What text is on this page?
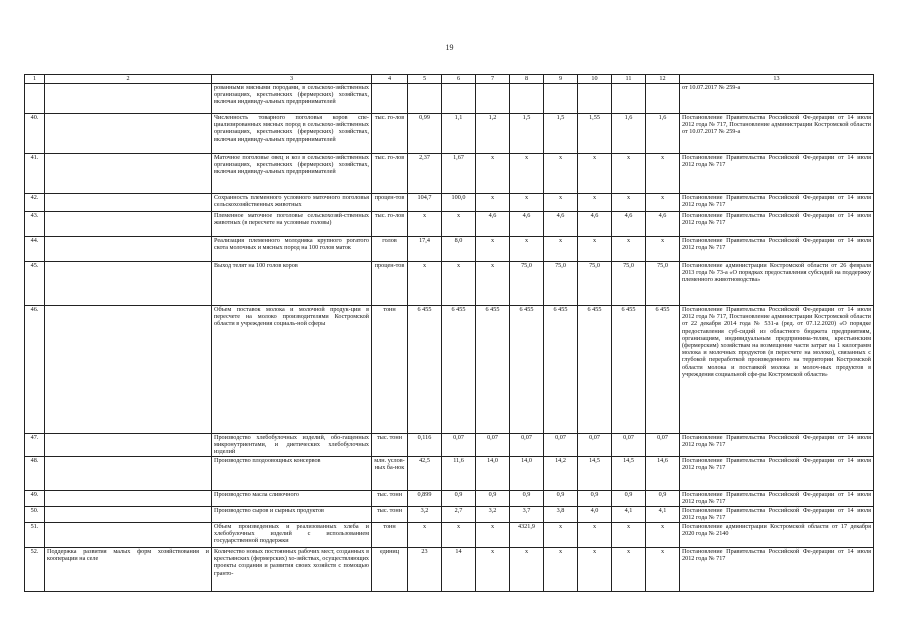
19
1	2	3	4	5	6	7	8	9	10	11	12	13
		рованными мясными породами, в сельскохо-зяйственных организациях, крестьянских (фермерских) хозяйствах, включая индивиду-альных предпринимателей										от 10.07.2017 № 259-а
40.		Численность товарного поголовья коров спе-циализированных мясных пород в сельскохо-зяйственных организациях, крестьянских (фермерских) хозяйствах, включая индивиду-альных предпринимателей	тыс. го-лов	0,99	1,1	1,2	1,5	1,5	1,55	1,6	1,6	Постановление Правительства Российской Фе-дерации от 14 июля 2012 года № 717, Постановление администрации Костромской области от 10.07.2017 № 259-а
41.		Маточное поголовье овец и коз в сельскохо-зяйственных организациях, крестьянских (фермерских) хозяйствах, включая индивиду-альных предпринимателей	тыс. го-лов	2,37	1,67	х	х	х	х	х	х	Постановление Правительства Российской Фе-дерации от 14 июля 2012 года № 717
42.		Сохранность племенного условного маточного поголовья сельскохозяйственных животных	процен-тов	104,7	100,0	х	х	х	х	х	х	Постановление Правительства Российской Фе-дерации от 14 июля 2012 года № 717
43.		Племенное маточное поголовье сельскохозяй-ственных животных (в пересчете на условные головы)	тыс. го-лов	х	х	4,6	4,6	4,6	4,6	4,6	4,6	Постановление Правительства Российской Фе-дерации от 14 июля 2012 года № 717
44.		Реализация племенного молодняка крупного рогатого скота молочных и мясных пород на 100 голов маток	голов	17,4	8,0	х	х	х	х	х	х	Постановление Правительства Российской Фе-дерации от 14 июля 2012 года № 717
45.		Выход телят на 100 голов коров	процен-тов	х	х	х	75,0	75,0	75,0	75,0	75,0	Постановление администрации Костромской области от 26 февраля 2013 года № 73-а «О порядках предоставления субсидий на поддержку племенного животноводства»
46.		Объем поставок молока и молочной продук-ции в пересчете на молоко производителями Костромской области в учреждения социаль-ной сферы	тонн	6 455	6 455	6 455	6 455	6 455	6 455	6 455	6 455	Постановление Правительства Российской Фе-дерации от 14 июля 2012 года № 717, Постановление администрации Костромской области от 22 декабря 2014 года № 531-а (ред. от 07.12.2020) «О порядке предоставления суб-сидий из областного бюджета предприятиям, организациям, индивидуальным предпринима-телям, крестьянским (фермерским) хозяйствам на возмещение части затрат на 1 килограмм молока и молочных продуктов (в пересчете на молоко), связанных с глубокой переработкой произведенного на территории Костромской области молока и поставкой молока и молоч-ных продуктов в учреждения социальной сфе-ры Костромской области»
47.		Производство хлебобулочных изделий, обо-гащенных микронутриентами, и диетических хлебобулочных изделий	тыс. тонн	0,116	0,07	0,07	0,07	0,07	0,07	0,07	0,07	Постановление Правительства Российской Фе-дерации от 14 июля 2012 года № 717
48.		Производство плодоовощных консервов	млн. услов-ных ба-нок	42,5	11,6	14,0	14,0	14,2	14,5	14,5	14,6	Постановление Правительства Российской Фе-дерации от 14 июля 2012 года № 717
49.		Производство масла сливочного	тыс. тонн	0,899	0,9	0,9	0,9	0,9	0,9	0,9	0,9	Постановление Правительства Российской Фе-дерации от 14 июля 2012 года № 717
50.		Производство сыров и сырных продуктов	тыс. тонн	3,2	2,7	3,2	3,7	3,8	4,0	4,1	4,1	Постановление Правительства Российской Фе-дерации от 14 июля 2012 года № 717
51.		Объем произведенных и реализованных хлеба и хлебобулочных изделий с использованием государственной поддержки	тонн	х	х	х	4321,9	х	х	х	х	Постановление администрации Костромской области от 17 декабря 2020 года № 2140
52.	Поддержка развития малых форм хозяйствования и кооперации на селе	Количество новых постоянных рабочих мест, созданных в крестьянских (фермерских) хо-зяйствах, осуществляющих проекты создания и развития своих хозяйств с помощью гранто-	единиц	23	14	х	х	х	х	х	х	Постановление Правительства Российской Фе-дерации от 14 июля 2012 года № 717
